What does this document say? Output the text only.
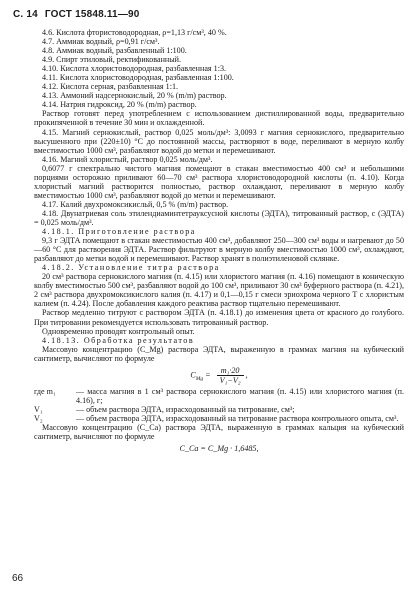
С. 14 ГОСТ 15848.11—90

4.6. Кислота фтористоводородная, ρ=1,13 г/см³, 40 %.

4.7. Аммиак водный, ρ=0,91 г/см³.

4.8. Аммиак водный, разбавленный 1:100.

4.9. Спирт этиловый, ректификованный.

4.10. Кислота хлористоводородная, разбавленная 1:3.

4.11. Кислота хлористоводородная, разбавленная 1:100.

4.12. Кислота серная, разбавленная 1:1.

4.13. Аммоний надсернокислый, 20 % (m/m) раствор.

4.14. Натрия гидроксид, 20 % (m/m) раствор.

Раствор готовят перед употреблением с использованием дистиллированной воды, предварительно прокипяченной в течение 30 мин и охлажденной.

4.15. Магний сернокислый, раствор 0,025 моль/дм³: 3,0093 г магния сернокислого, предварительно высушенного при (220±10) °С до постоянной массы, растворяют в воде, переливают в мерную колбу вместимостью 1000 см³, разбавляют водой до метки и перемешивают.

4.16. Магний хлористый, раствор 0,025 моль/дм³.

0,6077 г спектрально чистого магния помещают в стакан вместимостью 400 см³ и небольшими порциями осторожно приливают 60—70 см³ раствора хлористоводородной кислоты (п. 4.10). Когда хлористый магний растворится полностью, раствор охлаждают, переливают в мерную колбу вместимостью 1000 см³, разбавляют водой до метки и перемешивают.

4.17. Калий двухромоксикисльй, 0,5 % (m/m) раствор.

4.18. Двунатриевая соль этилендиаминтетрауксусной кислоты (ЭДТА), титрованный раствор, с (ЭДТА) = 0,025 моль/дм³.

4.18.1. Приготовление раствора

9,3 г ЭДТА помещают в стакан вместимостью 400 см³, добавляют 250—300 см³ воды и нагревают до 50—60 °С для растворения ЭДТА. Раствор фильтруют в мерную колбу вместимостью 1000 см³, охлаждают, разбавляют до метки водой и перемешивают. Раствор хранят в полиэтиленовой склянке.

4.18.2. Установление титра раствора

20 см³ раствора сернокислого магния (п. 4.15) или хлористого магния (п. 4.16) помещают в коническую колбу вместимостью 500 см³, разбавляют водой до 100 см³, приливают 30 см³ буферного раствора (п. 4.21), 2 см³ раствора двухромоксикислого калия (п. 4.17) и 0,1—0,15 г смеси эриохрома черного Т с хлористым калием (п. 4.24). После добавления каждого реактива раствор тщательно перемешивают.

Раствор медленно титруют с раствором ЭДТА (п. 4.18.1) до изменения цвета от красного до голубого. При титровании рекомендуется использовать титрованный раствор.

Одновременно проводят контрольный опыт.

4.18.13. Обработка результатов

Массовую концентрацию (C_Mg) раствора ЭДТА, выраженную в граммах магния на кубический сантиметр, вычисляют по формуле

$C_{Mg} = \frac{\text{m₁·20}}{\text{V₁−V₂}}$ ,
где m₁	— масса магния в 1 см³ раствора сернокислого магния (п. 4.15) или хлористого магния (п. 4.16), г;
V₁	— объем раствора ЭДТА, израсходованный на титрование, см³;
V₂	— объем раствора ЭДТА, израсходованный на титрование раствора контрольного опыта, см³.

Массовую концентрацию (C_Ca) раствора ЭДТА, выраженную в граммах кальция на кубический сантиметр, вычисляют по формуле

C_Ca = C_Mg · 1,6485,
66
